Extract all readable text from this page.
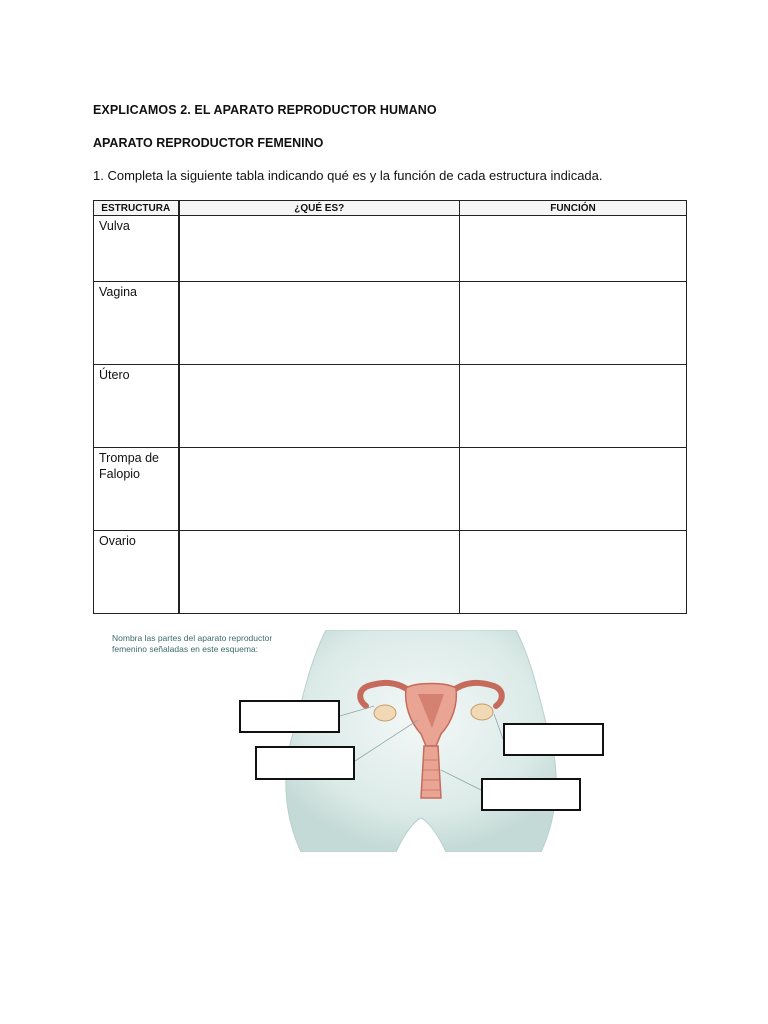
EXPLICAMOS 2. EL APARATO REPRODUCTOR HUMANO
APARATO REPRODUCTOR FEMENINO
1. Completa la siguiente tabla indicando qué es y la función de cada estructura indicada.
ESTRUCTURA	¿QUÉ ES?	FUNCIÓN
Vulva		
Vagina		
Útero		
Trompa de Falopio		
Ovario		
Nombra las partes del aparato reproductor femenino señaladas en este esquema:
